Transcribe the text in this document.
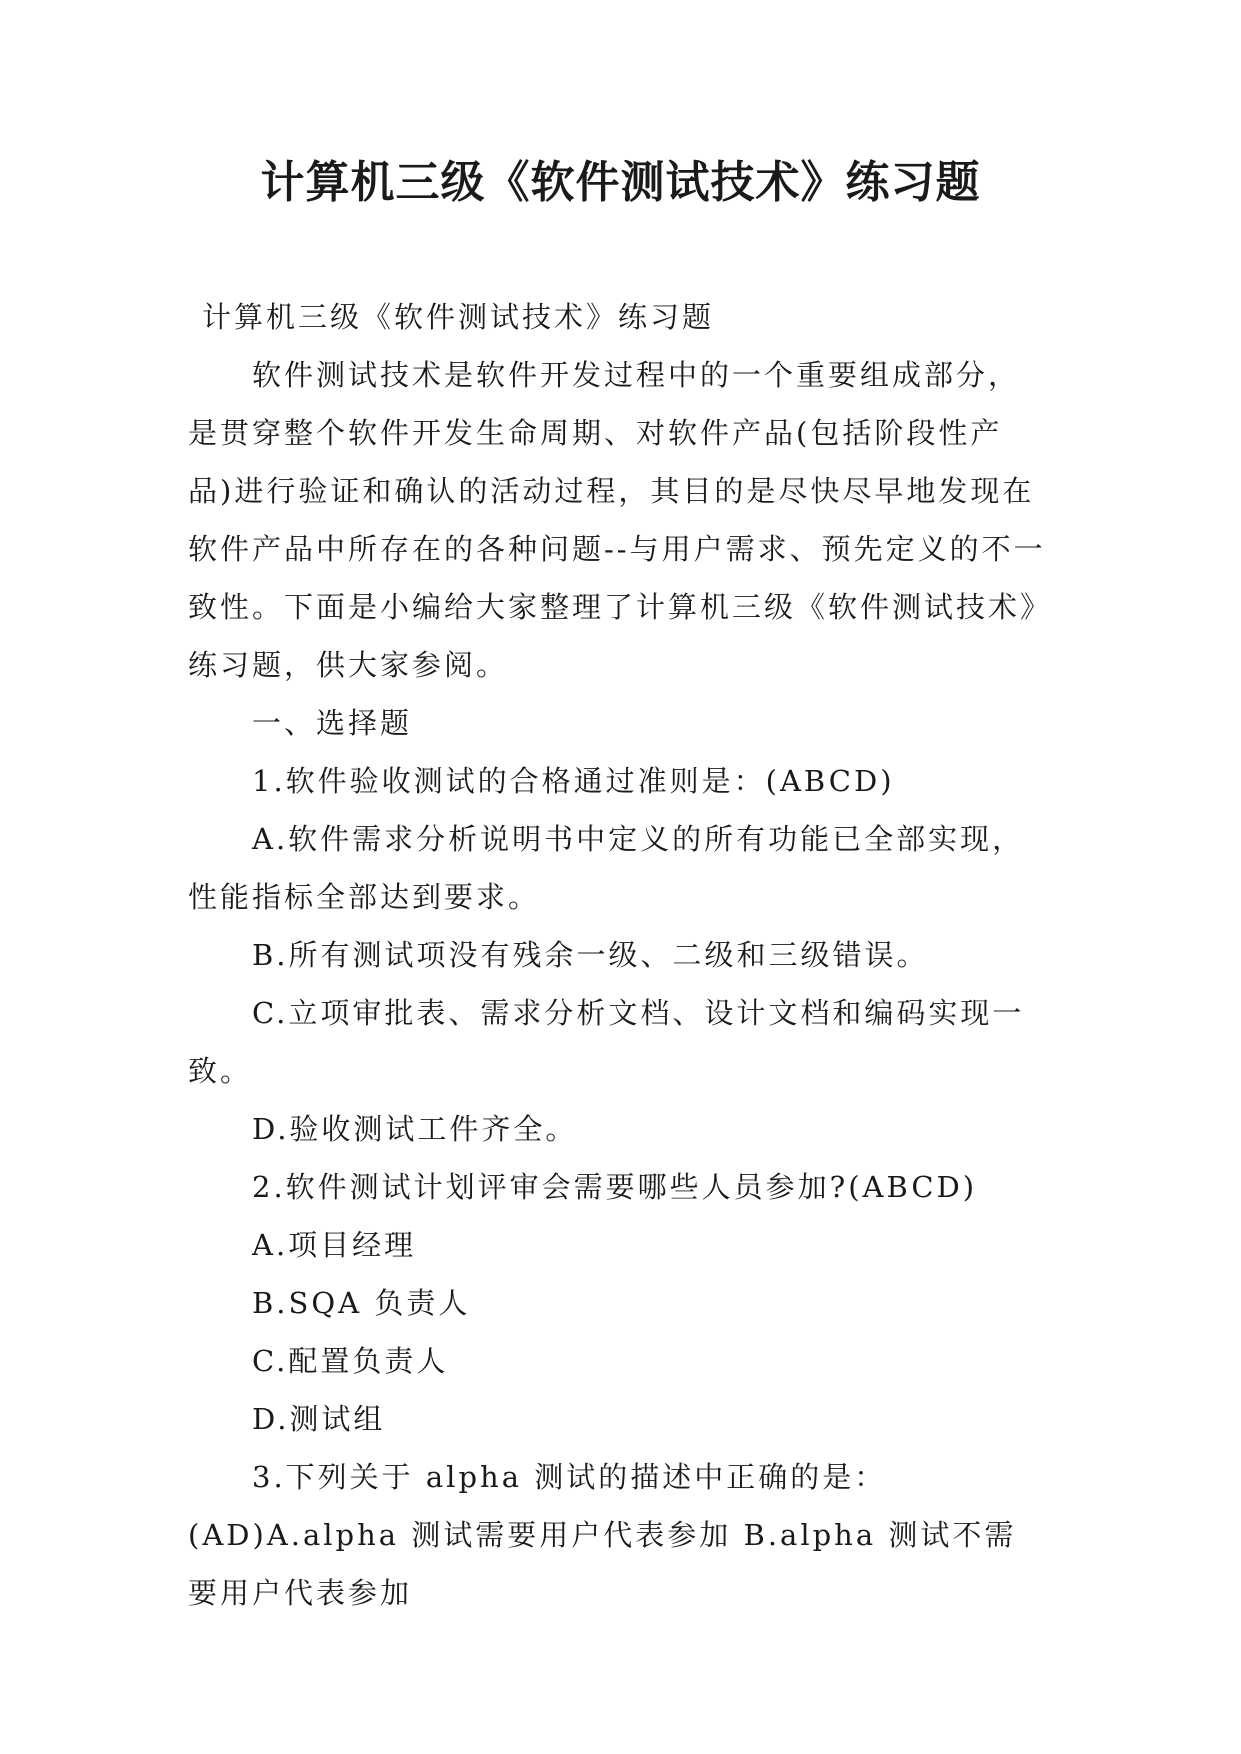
计算机三级《软件测试技术》练习题

计算机三级《软件测试技术》练习题

软件测试技术是软件开发过程中的一个重要组成部分，是贯穿整个软件开发生命周期、对软件产品(包括阶段性产品)进行验证和确认的活动过程，其目的是尽快尽早地发现在软件产品中所存在的各种问题--与用户需求、预先定义的不一致性。下面是小编给大家整理了计算机三级《软件测试技术》练习题，供大家参阅。

一、选择题

1.软件验收测试的合格通过准则是：(ABCD)

A.软件需求分析说明书中定义的所有功能已全部实现，性能指标全部达到要求。

B.所有测试项没有残余一级、二级和三级错误。

C.立项审批表、需求分析文档、设计文档和编码实现一致。

D.验收测试工件齐全。

2.软件测试计划评审会需要哪些人员参加?(ABCD)

A.项目经理

B.SQA 负责人

C.配置负责人

D.测试组

3.下列关于 alpha 测试的描述中正确的是：(AD)A.alpha 测试需要用户代表参加 B.alpha 测试不需要用户代表参加
